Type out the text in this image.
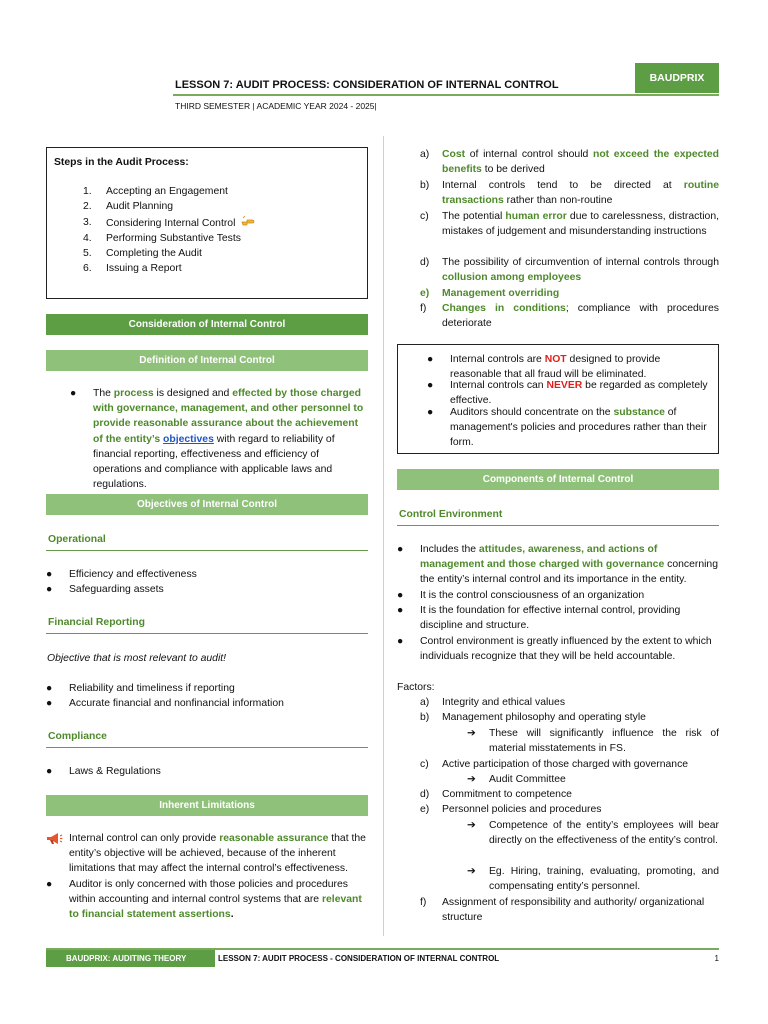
LESSON 7: AUDIT PROCESS: CONSIDERATION OF INTERNAL CONTROL
THIRD SEMESTER | ACADEMIC YEAR 2024 - 2025|
BAUDPRIX
Steps in the Audit Process:
1. Accepting an Engagement
2. Audit Planning
3. Considering Internal Control
4. Performing Substantive Tests
5. Completing the Audit
6. Issuing a Report
Consideration of Internal Control
Definition of Internal Control
● The process is designed and effected by those charged with governance, management, and other personnel to provide reasonable assurance about the achievement of the entity’s objectives with regard to reliability of financial reporting, effectiveness and efficiency of operations and compliance with applicable laws and regulations.
Objectives of Internal Control
Operational
● Efficiency and effectiveness
● Safeguarding assets
Financial Reporting
Objective that is most relevant to audit!
● Reliability and timeliness if reporting
● Accurate financial and nonfinancial information
Compliance
● Laws & Regulations
Inherent Limitations
Internal control can only provide reasonable assurance that the entity’s objective will be achieved, because of the inherent limitations that may affect the internal control’s effectiveness.
● Auditor is only concerned with those policies and procedures within accounting and internal control systems that are relevant to financial statement assertions.
a) Cost of internal control should not exceed the expected benefits to be derived
b) Internal controls tend to be directed at routine transactions rather than non-routine
c) The potential human error due to carelessness, distraction, mistakes of judgement and misunderstanding instructions
d) The possibility of circumvention of internal controls through collusion among employees
e) Management overriding
f) Changes in conditions; compliance with procedures deteriorate
● Internal controls are NOT designed to provide reasonable that all fraud will be eliminated.
● Internal controls can NEVER be regarded as completely effective.
● Auditors should concentrate on the substance of management's policies and procedures rather than their form.
Components of Internal Control
Control Environment
● Includes the attitudes, awareness, and actions of management and those charged with governance concerning the entity’s internal control and its importance in the entity.
● It is the control consciousness of an organization
● It is the foundation for effective internal control, providing discipline and structure.
● Control environment is greatly influenced by the extent to which individuals recognize that they will be held accountable.
Factors:
a) Integrity and ethical values
b) Management philosophy and operating style
➔ These will significantly influence the risk of material misstatements in FS.
c) Active participation of those charged with governance
➔ Audit Committee
d) Commitment to competence
e) Personnel policies and procedures
➔ Competence of the entity’s employees will bear directly on the effectiveness of the entity’s control.
➔ Eg. Hiring, training, evaluating, promoting, and compensating entity’s personnel.
f) Assignment of responsibility and authority/ organizational structure
BAUDPRIX: AUDITING THEORY	LESSON 7: AUDIT PROCESS - CONSIDERATION OF INTERNAL CONTROL	1
